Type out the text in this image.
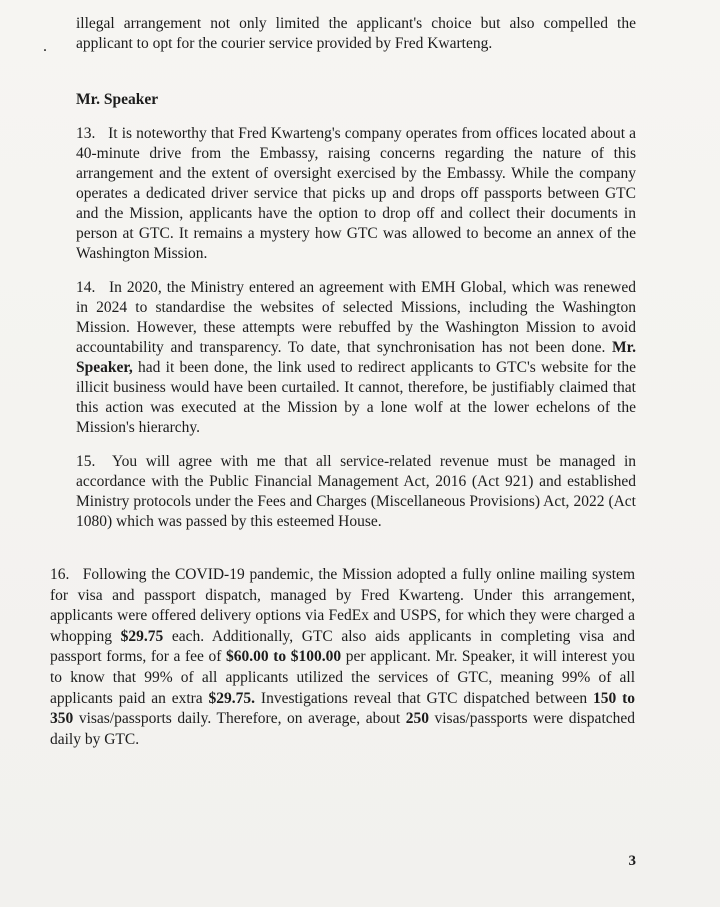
.

illegal arrangement not only limited the applicant's choice but also compelled the applicant to opt for the courier service provided by Fred Kwarteng.

Mr. Speaker

13. It is noteworthy that Fred Kwarteng's company operates from offices located about a 40-minute drive from the Embassy, raising concerns regarding the nature of this arrangement and the extent of oversight exercised by the Embassy. While the company operates a dedicated driver service that picks up and drops off passports between GTC and the Mission, applicants have the option to drop off and collect their documents in person at GTC. It remains a mystery how GTC was allowed to become an annex of the Washington Mission.

14. In 2020, the Ministry entered an agreement with EMH Global, which was renewed in 2024 to standardise the websites of selected Missions, including the Washington Mission. However, these attempts were rebuffed by the Washington Mission to avoid accountability and transparency. To date, that synchronisation has not been done. Mr. Speaker, had it been done, the link used to redirect applicants to GTC's website for the illicit business would have been curtailed. It cannot, therefore, be justifiably claimed that this action was executed at the Mission by a lone wolf at the lower echelons of the Mission's hierarchy.

15. You will agree with me that all service-related revenue must be managed in accordance with the Public Financial Management Act, 2016 (Act 921) and established Ministry protocols under the Fees and Charges (Miscellaneous Provisions) Act, 2022 (Act 1080) which was passed by this esteemed House.

16. Following the COVID-19 pandemic, the Mission adopted a fully online mailing system for visa and passport dispatch, managed by Fred Kwarteng. Under this arrangement, applicants were offered delivery options via FedEx and USPS, for which they were charged a whopping $29.75 each. Additionally, GTC also aids applicants in completing visa and passport forms, for a fee of $60.00 to $100.00 per applicant. Mr. Speaker, it will interest you to know that 99% of all applicants utilized the services of GTC, meaning 99% of all applicants paid an extra $29.75. Investigations reveal that GTC dispatched between 150 to 350 visas/passports daily. Therefore, on average, about 250 visas/passports were dispatched daily by GTC.

3
